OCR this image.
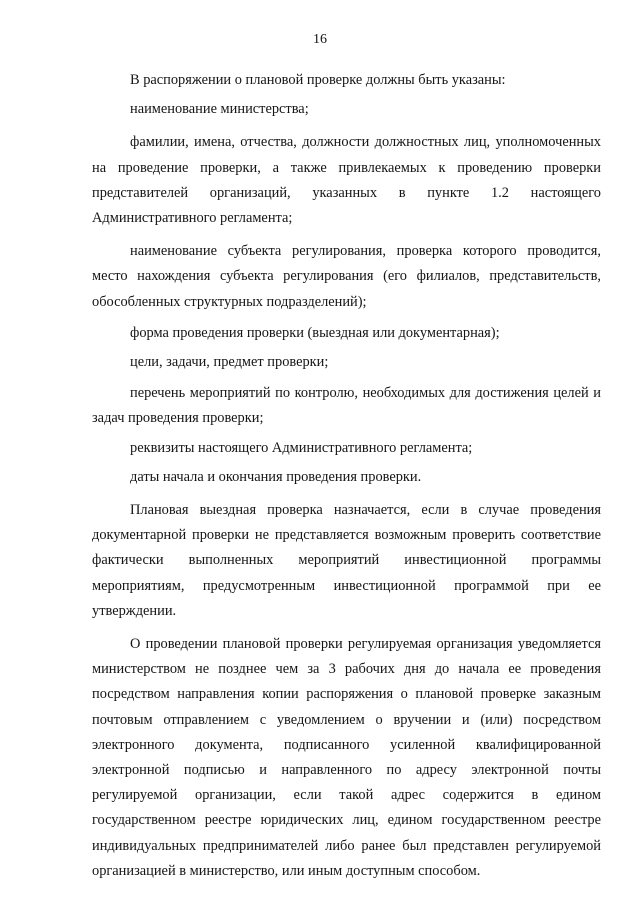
16

В распоряжении о плановой проверке должны быть указаны:

наименование министерства;

фамилии, имена, отчества, должности должностных лиц, уполномоченных на проведение проверки, а также привлекаемых к проведению проверки представителей организаций, указанных в пункте 1.2 настоящего Административного регламента;

наименование субъекта регулирования, проверка которого проводится, место нахождения субъекта регулирования (его филиалов, представительств, обособленных структурных подразделений);

форма проведения проверки (выездная или документарная);

цели, задачи, предмет проверки;

перечень мероприятий по контролю, необходимых для достижения целей и задач проведения проверки;

реквизиты настоящего Административного регламента;

даты начала и окончания проведения проверки.

Плановая выездная проверка назначается, если в случае проведения документарной проверки не представляется возможным проверить соответствие фактически выполненных мероприятий инвестиционной программы мероприятиям, предусмотренным инвестиционной программой при ее утверждении.

О проведении плановой проверки регулируемая организация уведомляется министерством не позднее чем за 3 рабочих дня до начала ее проведения посредством направления копии распоряжения о плановой проверке заказным почтовым отправлением с уведомлением о вручении и (или) посредством электронного документа, подписанного усиленной квалифицированной электронной подписью и направленного по адресу электронной почты регулируемой организации, если такой адрес содержится в едином государственном реестре юридических лиц, едином государственном реестре индивидуальных предпринимателей либо ранее был представлен регулируемой организацией в министерство, или иным доступным способом.
